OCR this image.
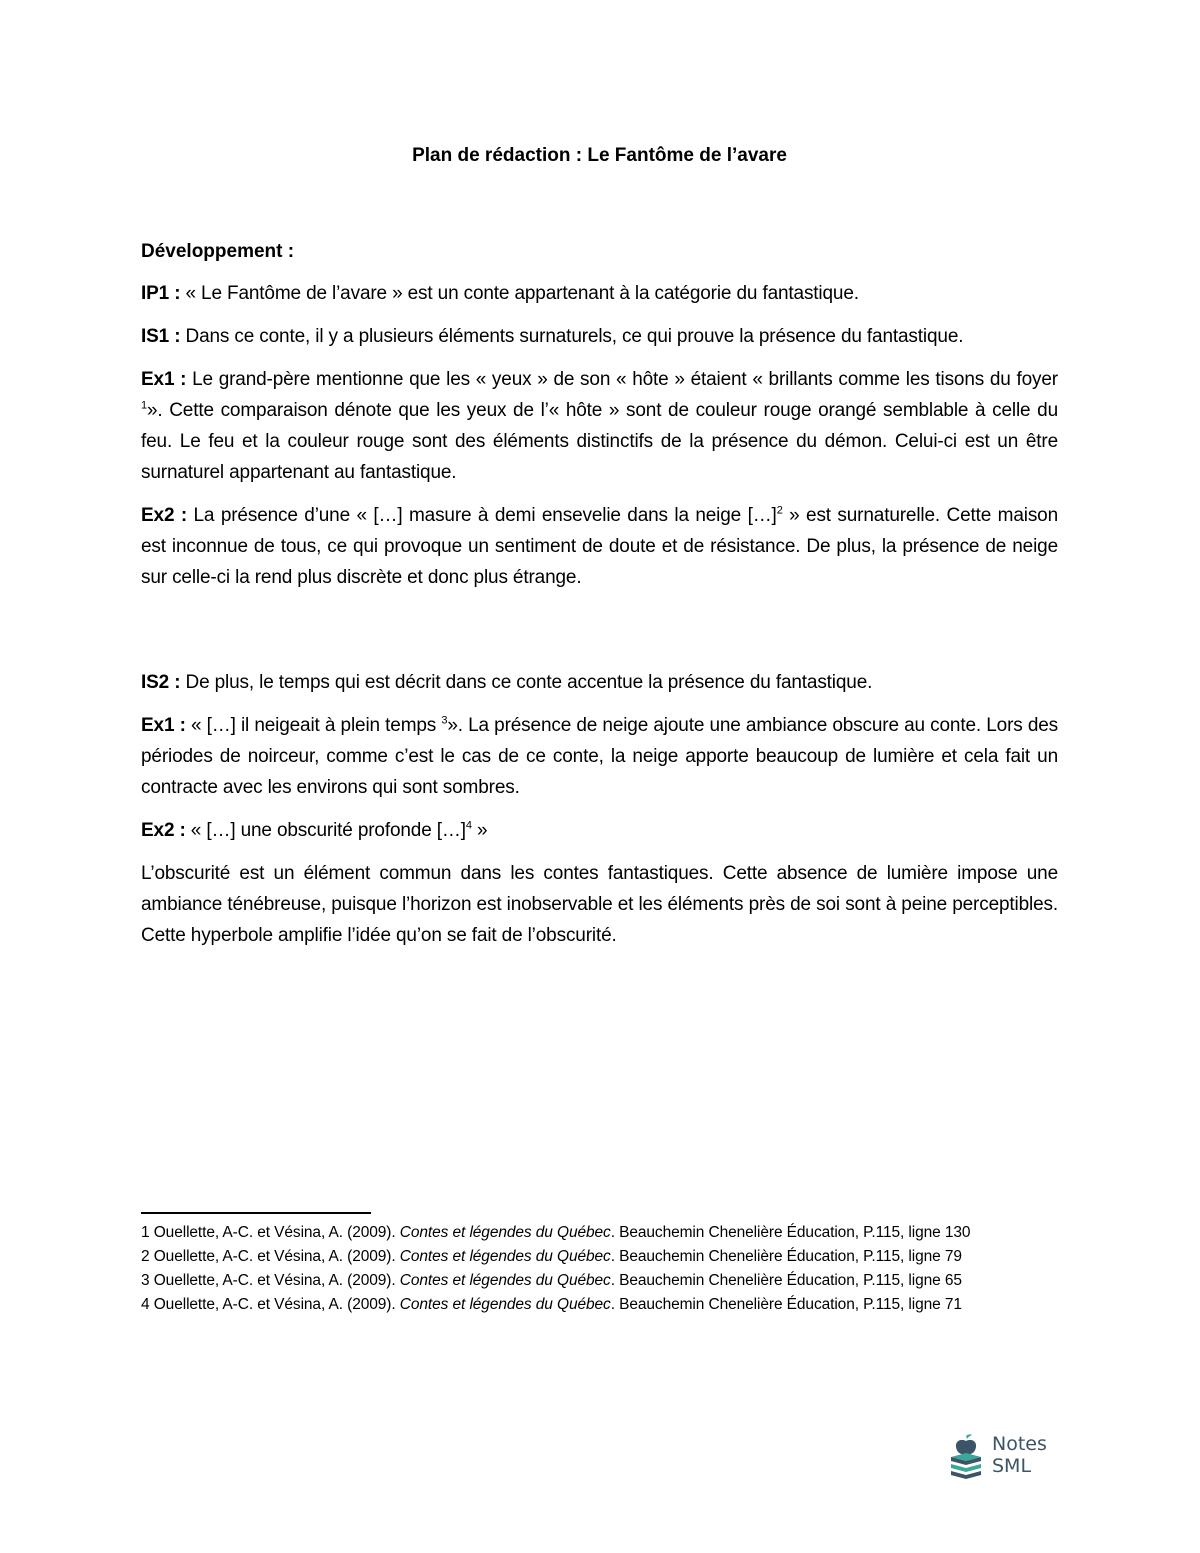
Plan de rédaction : Le Fantôme de l’avare

Développement :

IP1 : « Le Fantôme de l’avare » est un conte appartenant à la catégorie du fantastique.

IS1 : Dans ce conte, il y a plusieurs éléments surnaturels, ce qui prouve la présence du fantastique.

Ex1 : Le grand-père mentionne que les « yeux » de son « hôte » étaient « brillants comme les tisons du foyer $^1$». Cette comparaison dénote que les yeux de l’« hôte » sont de couleur rouge orangé semblable à celle du feu. Le feu et la couleur rouge sont des éléments distinctifs de la présence du démon. Celui-ci est un être surnaturel appartenant au fantastique.

Ex2 : La présence d’une « […] masure à demi ensevelie dans la neige […]$^2$ » est surnaturelle. Cette maison est inconnue de tous, ce qui provoque un sentiment de doute et de résistance. De plus, la présence de neige sur celle-ci la rend plus discrète et donc plus étrange.

IS2 : De plus, le temps qui est décrit dans ce conte accentue la présence du fantastique.

Ex1 : « […] il neigeait à plein temps $^3$». La présence de neige ajoute une ambiance obscure au conte. Lors des périodes de noirceur, comme c’est le cas de ce conte, la neige apporte beaucoup de lumière et cela fait un contracte avec les environs qui sont sombres.

Ex2 : « […] une obscurité profonde […]$^4$ »

L’obscurité est un élément commun dans les contes fantastiques. Cette absence de lumière impose une ambiance ténébreuse, puisque l’horizon est inobservable et les éléments près de soi sont à peine perceptibles. Cette hyperbole amplifie l’idée qu’on se fait de l’obscurité.

1 Ouellette, A-C. et Vésina, A. (2009). Contes et légendes du Québec. Beauchemin Chenelière Éducation, P.115, ligne 130

2 Ouellette, A-C. et Vésina, A. (2009). Contes et légendes du Québec. Beauchemin Chenelière Éducation, P.115, ligne 79

3 Ouellette, A-C. et Vésina, A. (2009). Contes et légendes du Québec. Beauchemin Chenelière Éducation, P.115, ligne 65

4 Ouellette, A-C. et Vésina, A. (2009). Contes et légendes du Québec. Beauchemin Chenelière Éducation, P.115, ligne 71

Notes
SML
